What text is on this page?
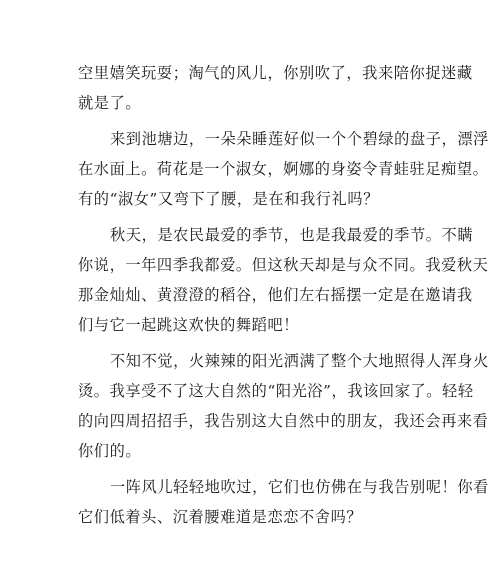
空里嬉笑玩耍；淘气的风儿，你别吹了，我来陪你捉迷藏
就是了。
来到池塘边，一朵朵睡莲好似一个个碧绿的盘子，漂浮
在水面上。荷花是一个淑女，婀娜的身姿令青蛙驻足痴望。
有的“淑女”又弯下了腰，是在和我行礼吗？
秋天，是农民最爱的季节，也是我最爱的季节。不瞒
你说，一年四季我都爱。但这秋天却是与众不同。我爱秋天
那金灿灿、黄澄澄的稻谷，他们左右摇摆一定是在邀请我
们与它一起跳这欢快的舞蹈吧！
不知不觉，火辣辣的阳光洒满了整个大地照得人浑身火
烫。我享受不了这大自然的“阳光浴”，我该回家了。轻轻
的向四周招招手，我告别这大自然中的朋友，我还会再来看
你们的。
一阵风儿轻轻地吹过，它们也仿佛在与我告别呢！你看
它们低着头、沉着腰难道是恋恋不舍吗？
